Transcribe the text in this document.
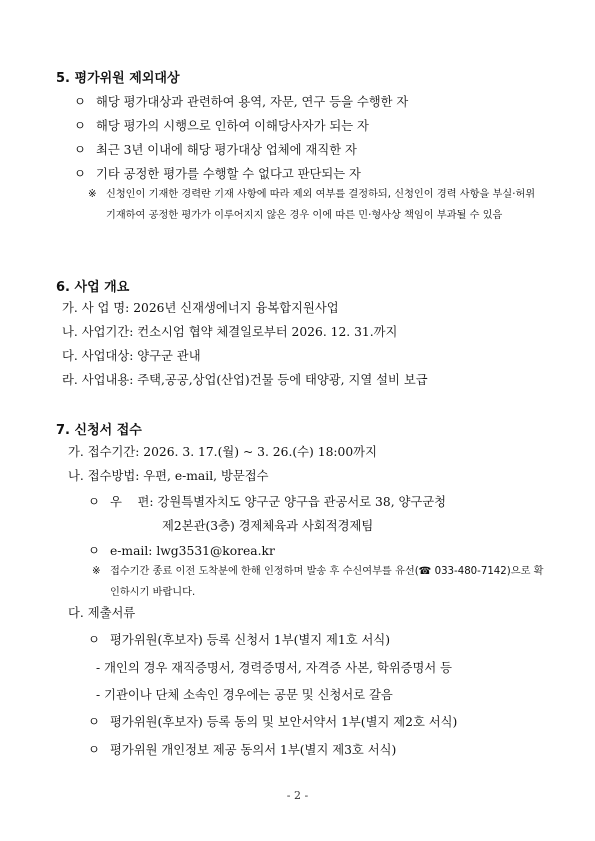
5. 평가위원 제외대상
ㅇ 해당 평가대상과 관련하여 용역, 자문, 연구 등을 수행한 자
ㅇ 해당 평가의 시행으로 인하여 이해당사자가 되는 자
ㅇ 최근 3년 이내에 해당 평가대상 업체에 재직한 자
ㅇ 기타 공정한 평가를 수행할 수 없다고 판단되는 자
※ 신청인이 기재한 경력란 기재 사항에 따라 제외 여부를 결정하되, 신청인이 경력 사항을 부실·허위 기재하여 공정한 평가가 이루어지지 않은 경우 이에 따른 민·형사상 책임이 부과될 수 있음
6. 사업 개요
가. 사 업 명: 2026년 신재생에너지 융복합지원사업
나. 사업기간: 컨소시엄 협약 체결일로부터 2026. 12. 31.까지
다. 사업대상: 양구군 관내
라. 사업내용: 주택,공공,상업(산업)건물 등에 태양광, 지열 설비 보급
7. 신청서 접수
가. 접수기간: 2026. 3. 17.(월) ~ 3. 26.(수) 18:00까지
나. 접수방법: 우편, e-mail, 방문접수
ㅇ 우    편: 강원특별자치도 양구군 양구읍 관공서로 38, 양구군청
제2본관(3층) 경제체육과 사회적경제팀
ㅇ e-mail: lwg3531@korea.kr
※ 접수기간 종료 이전 도착분에 한해 인정하며 발송 후 수신여부를 유선(☎ 033-480-7142)으로 확인하시기 바랍니다.
다. 제출서류
ㅇ 평가위원(후보자) 등록 신청서 1부(별지 제1호 서식)
- 개인의 경우 재직증명서, 경력증명서, 자격증 사본, 학위증명서 등
- 기관이나 단체 소속인 경우에는 공문 및 신청서로 갈음
ㅇ 평가위원(후보자) 등록 동의 및 보안서약서 1부(별지 제2호 서식)
ㅇ 평가위원 개인정보 제공 동의서 1부(별지 제3호 서식)
- 2 -
